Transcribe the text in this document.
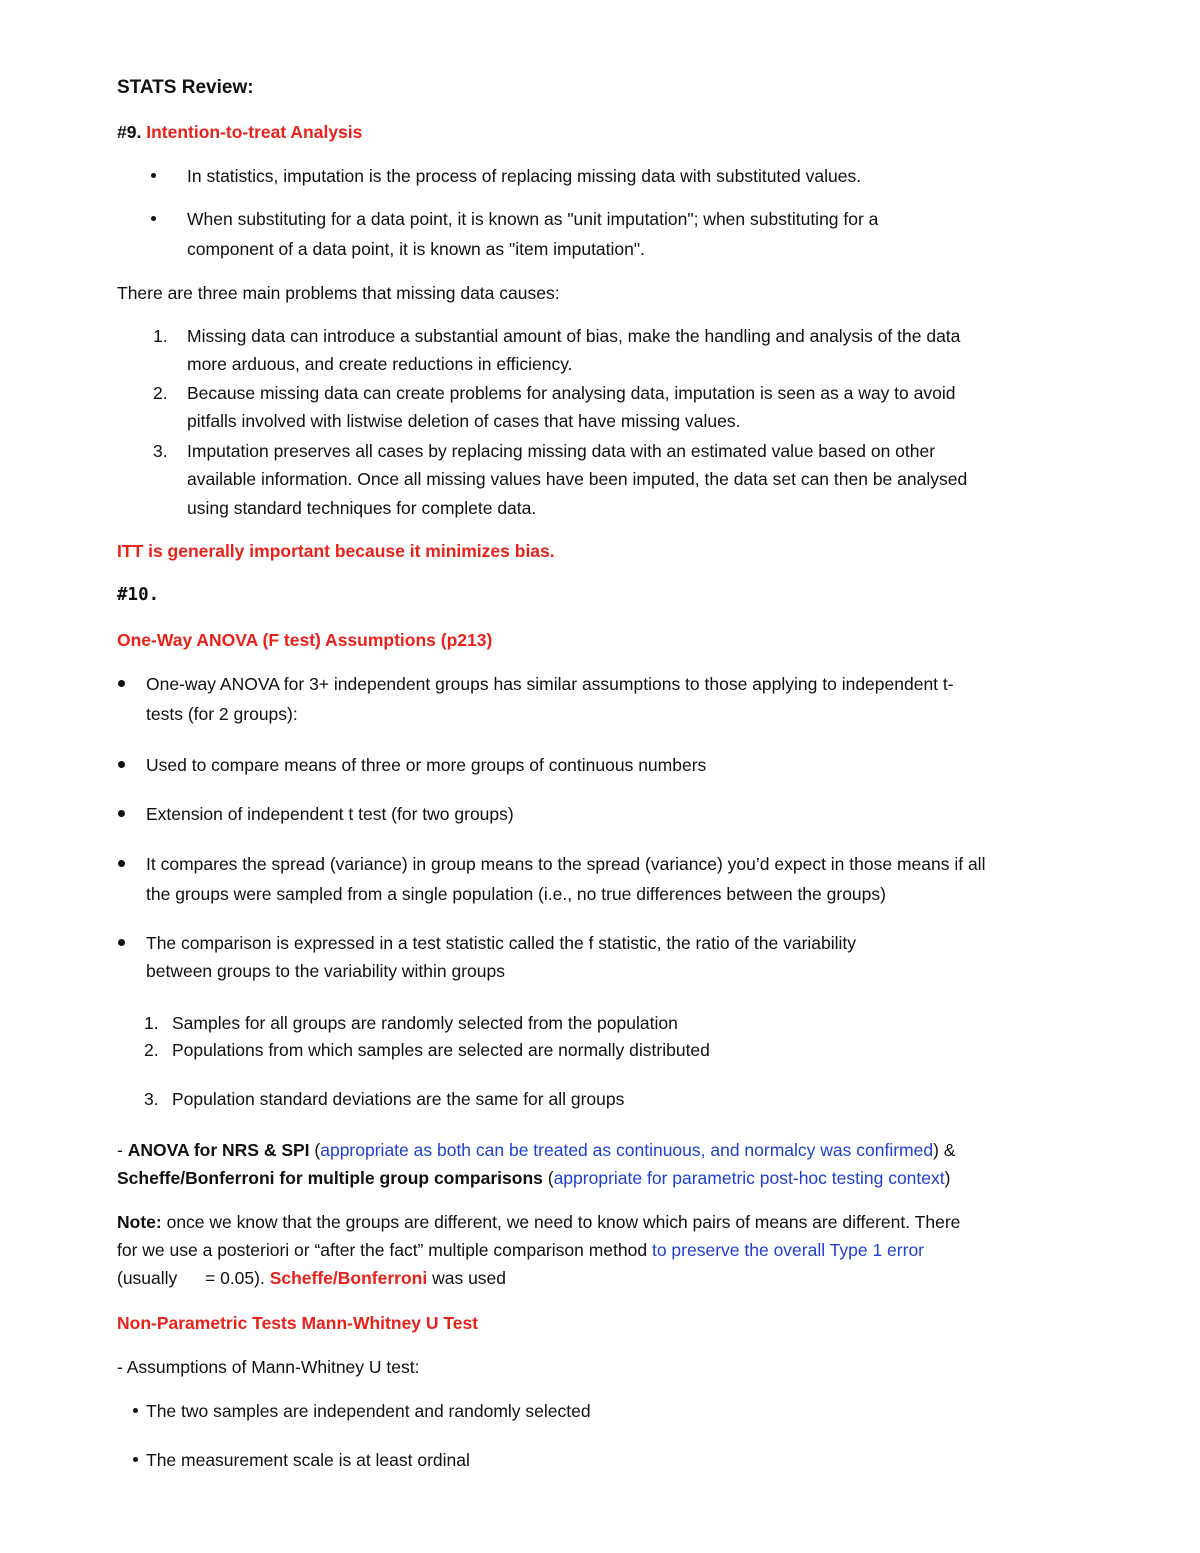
STATS Review:
#9. Intention-to-treat Analysis
In statistics, imputation is the process of replacing missing data with substituted values.
When substituting for a data point, it is known as "unit imputation"; when substituting for a
component of a data point, it is known as "item imputation".
There are three main problems that missing data causes:
1. Missing data can introduce a substantial amount of bias, make the handling and analysis of the data
more arduous, and create reductions in efficiency.
2. Because missing data can create problems for analysing data, imputation is seen as a way to avoid
pitfalls involved with listwise deletion of cases that have missing values.
3. Imputation preserves all cases by replacing missing data with an estimated value based on other
available information. Once all missing values have been imputed, the data set can then be analysed
using standard techniques for complete data.
ITT is generally important because it minimizes bias.
#10.
One-Way ANOVA (F test) Assumptions (p213)
One-way ANOVA for 3+ independent groups has similar assumptions to those applying to independent t-
tests (for 2 groups):
Used to compare means of three or more groups of continuous numbers
Extension of independent t test (for two groups)
It compares the spread (variance) in group means to the spread (variance) you’d expect in those means if all
the groups were sampled from a single population (i.e., no true differences between the groups)
The comparison is expressed in a test statistic called the f statistic, the ratio of the variability
between groups to the variability within groups
1. Samples for all groups are randomly selected from the population
2. Populations from which samples are selected are normally distributed
3. Population standard deviations are the same for all groups
- ANOVA for NRS & SPI (appropriate as both can be treated as continuous, and normalcy was confirmed) &
Scheffe/Bonferroni for multiple group comparisons (appropriate for parametric post-hoc testing context)
Note: once we know that the groups are different, we need to know which pairs of means are different. There
for we use a posteriori or “after the fact” multiple comparison method to preserve the overall Type 1 error
(usually = 0.05). Scheffe/Bonferroni was used
Non-Parametric Tests Mann-Whitney U Test
- Assumptions of Mann-Whitney U test:
The two samples are independent and randomly selected
The measurement scale is at least ordinal
